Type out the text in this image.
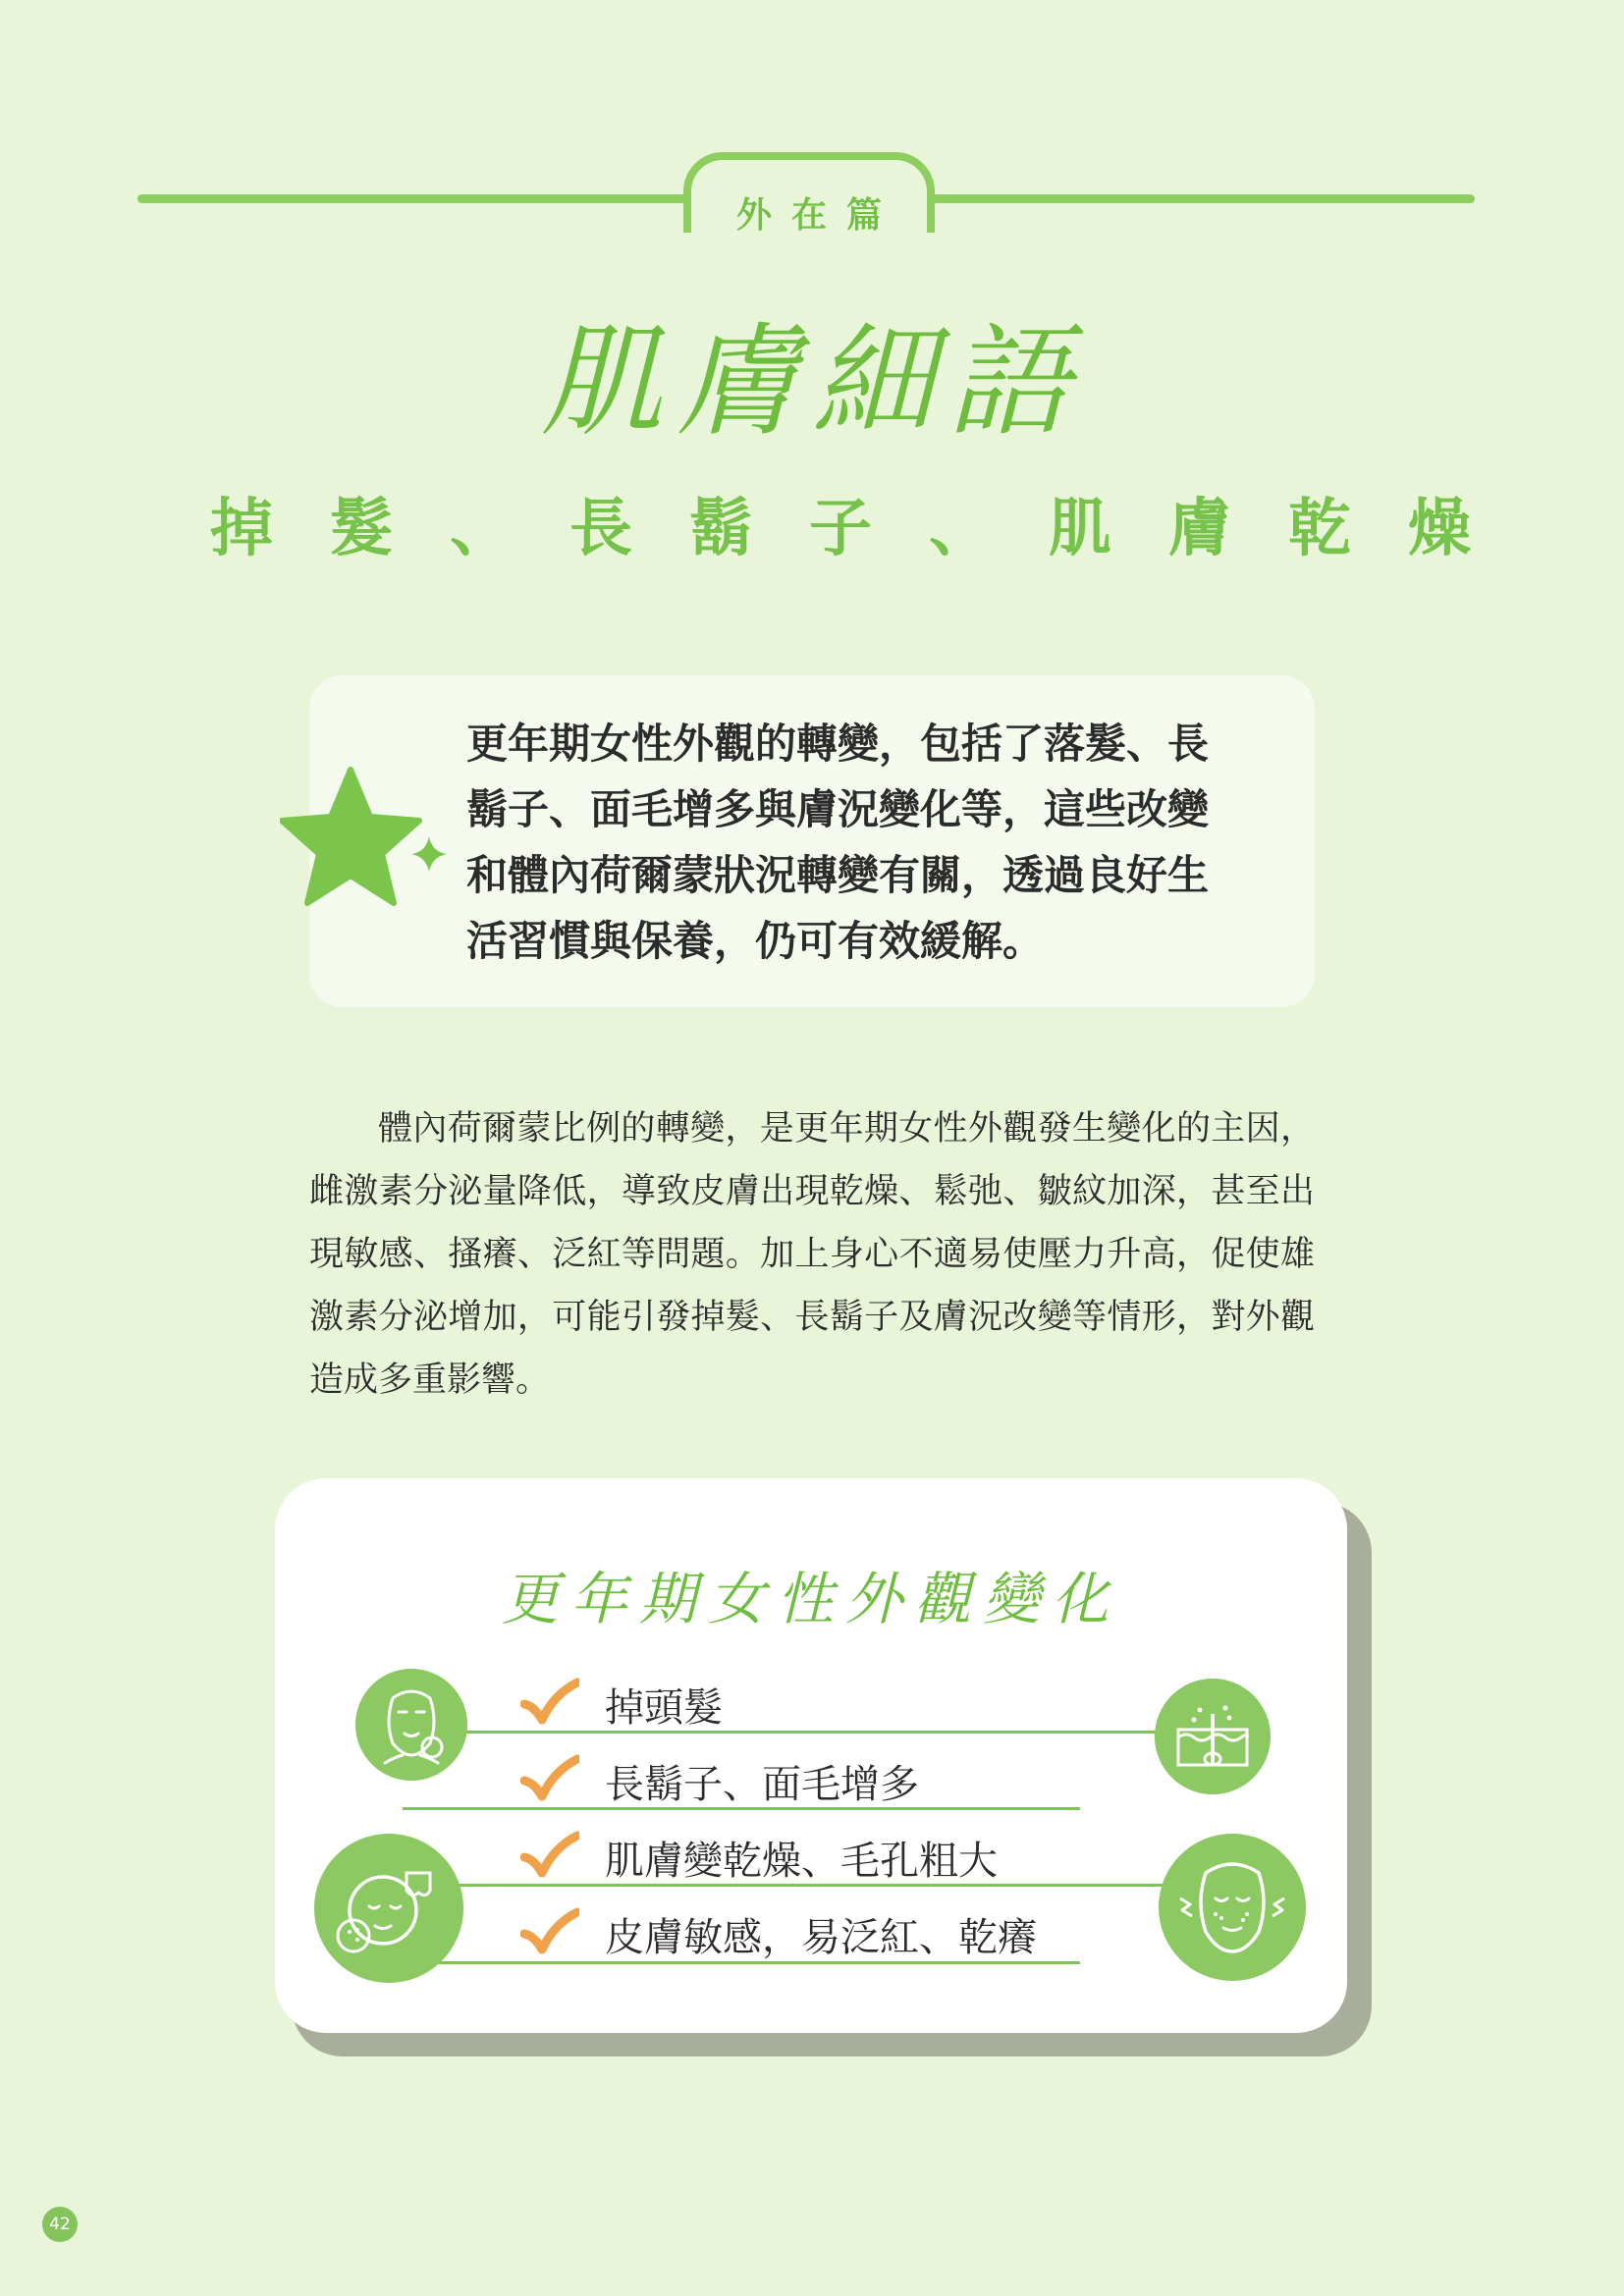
外在篇
肌膚細語
掉髮、長鬍子、肌膚乾燥
更年期女性外觀的轉變，包括了落髮、長
鬍子、面毛增多與膚況變化等，這些改變
和體內荷爾蒙狀況轉變有關，透過良好生
活習慣與保養，仍可有效緩解。
體內荷爾蒙比例的轉變，是更年期女性外觀發生變化的主因，雌激素分泌量降低，導致皮膚出現乾燥、鬆弛、皺紋加深，甚至出現敏感、搔癢、泛紅等問題。加上身心不適易使壓力升高，促使雄激素分泌增加，可能引發掉髮、長鬍子及膚況改變等情形，對外觀造成多重影響。
更年期女性外觀變化
掉頭髮
長鬍子、面毛增多
肌膚變乾燥、毛孔粗大
皮膚敏感，易泛紅、乾癢
42
